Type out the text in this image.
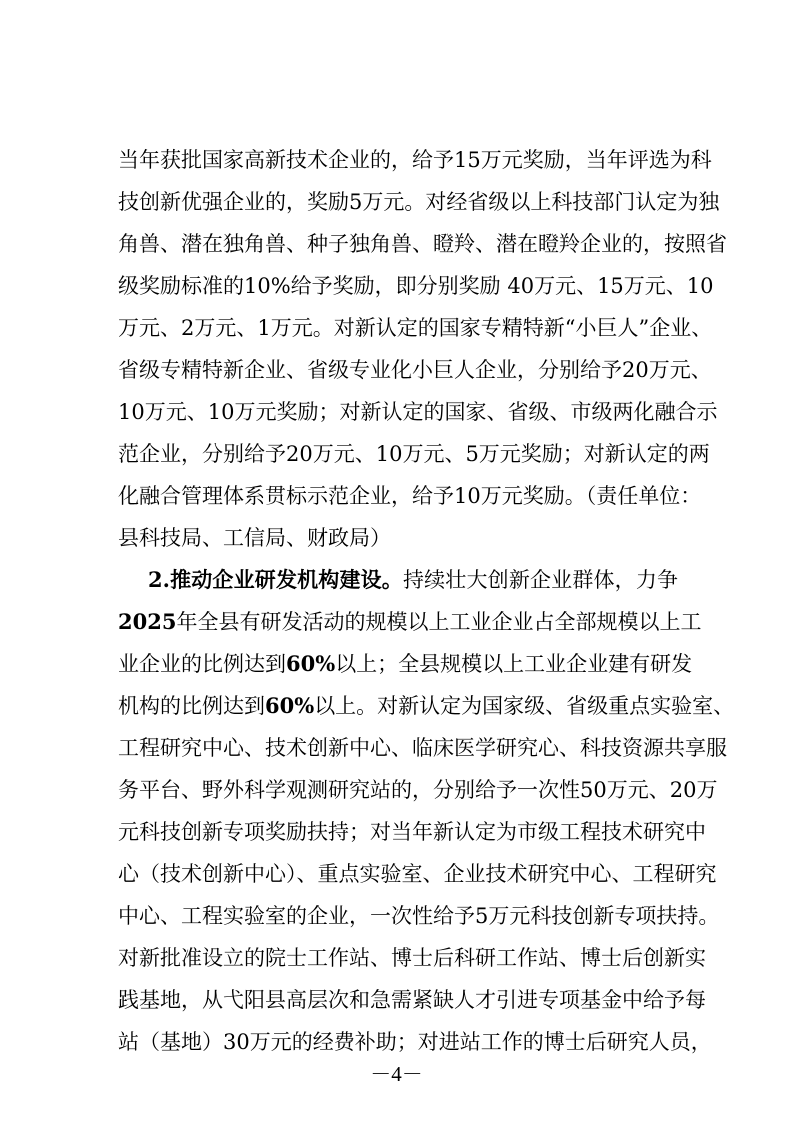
当年获批国家高新技术企业的，给予15万元奖励，当年评选为科
技创新优强企业的，奖励5万元。对经省级以上科技部门认定为独
角兽、潜在独角兽、种子独角兽、瞪羚、潜在瞪羚企业的，按照省
级奖励标准的10%给予奖励，即分别奖励 40万元、15万元、10
万元、2万元、1万元。对新认定的国家专精特新“小巨人”企业、
省级专精特新企业、省级专业化小巨人企业，分别给予20万元、
10万元、10万元奖励；对新认定的国家、省级、市级两化融合示
范企业，分别给予20万元、10万元、5万元奖励；对新认定的两
化融合管理体系贯标示范企业，给予10万元奖励。（责任单位：
县科技局、工信局、财政局）
2.推动企业研发机构建设。持续壮大创新企业群体，力争
2025年全县有研发活动的规模以上工业企业占全部规模以上工
业企业的比例达到60%以上；全县规模以上工业企业建有研发
机构的比例达到60%以上。对新认定为国家级、省级重点实验室、
工程研究中心、技术创新中心、临床医学研究心、科技资源共享服
务平台、野外科学观测研究站的，分别给予一次性50万元、20万
元科技创新专项奖励扶持；对当年新认定为市级工程技术研究中
心（技术创新中心）、重点实验室、企业技术研究中心、工程研究
中心、工程实验室的企业，一次性给予5万元科技创新专项扶持。
对新批准设立的院士工作站、博士后科研工作站、博士后创新实
践基地，从弋阳县高层次和急需紧缺人才引进专项基金中给予每
站（基地）30万元的经费补助；对进站工作的博士后研究人员，
－4－
